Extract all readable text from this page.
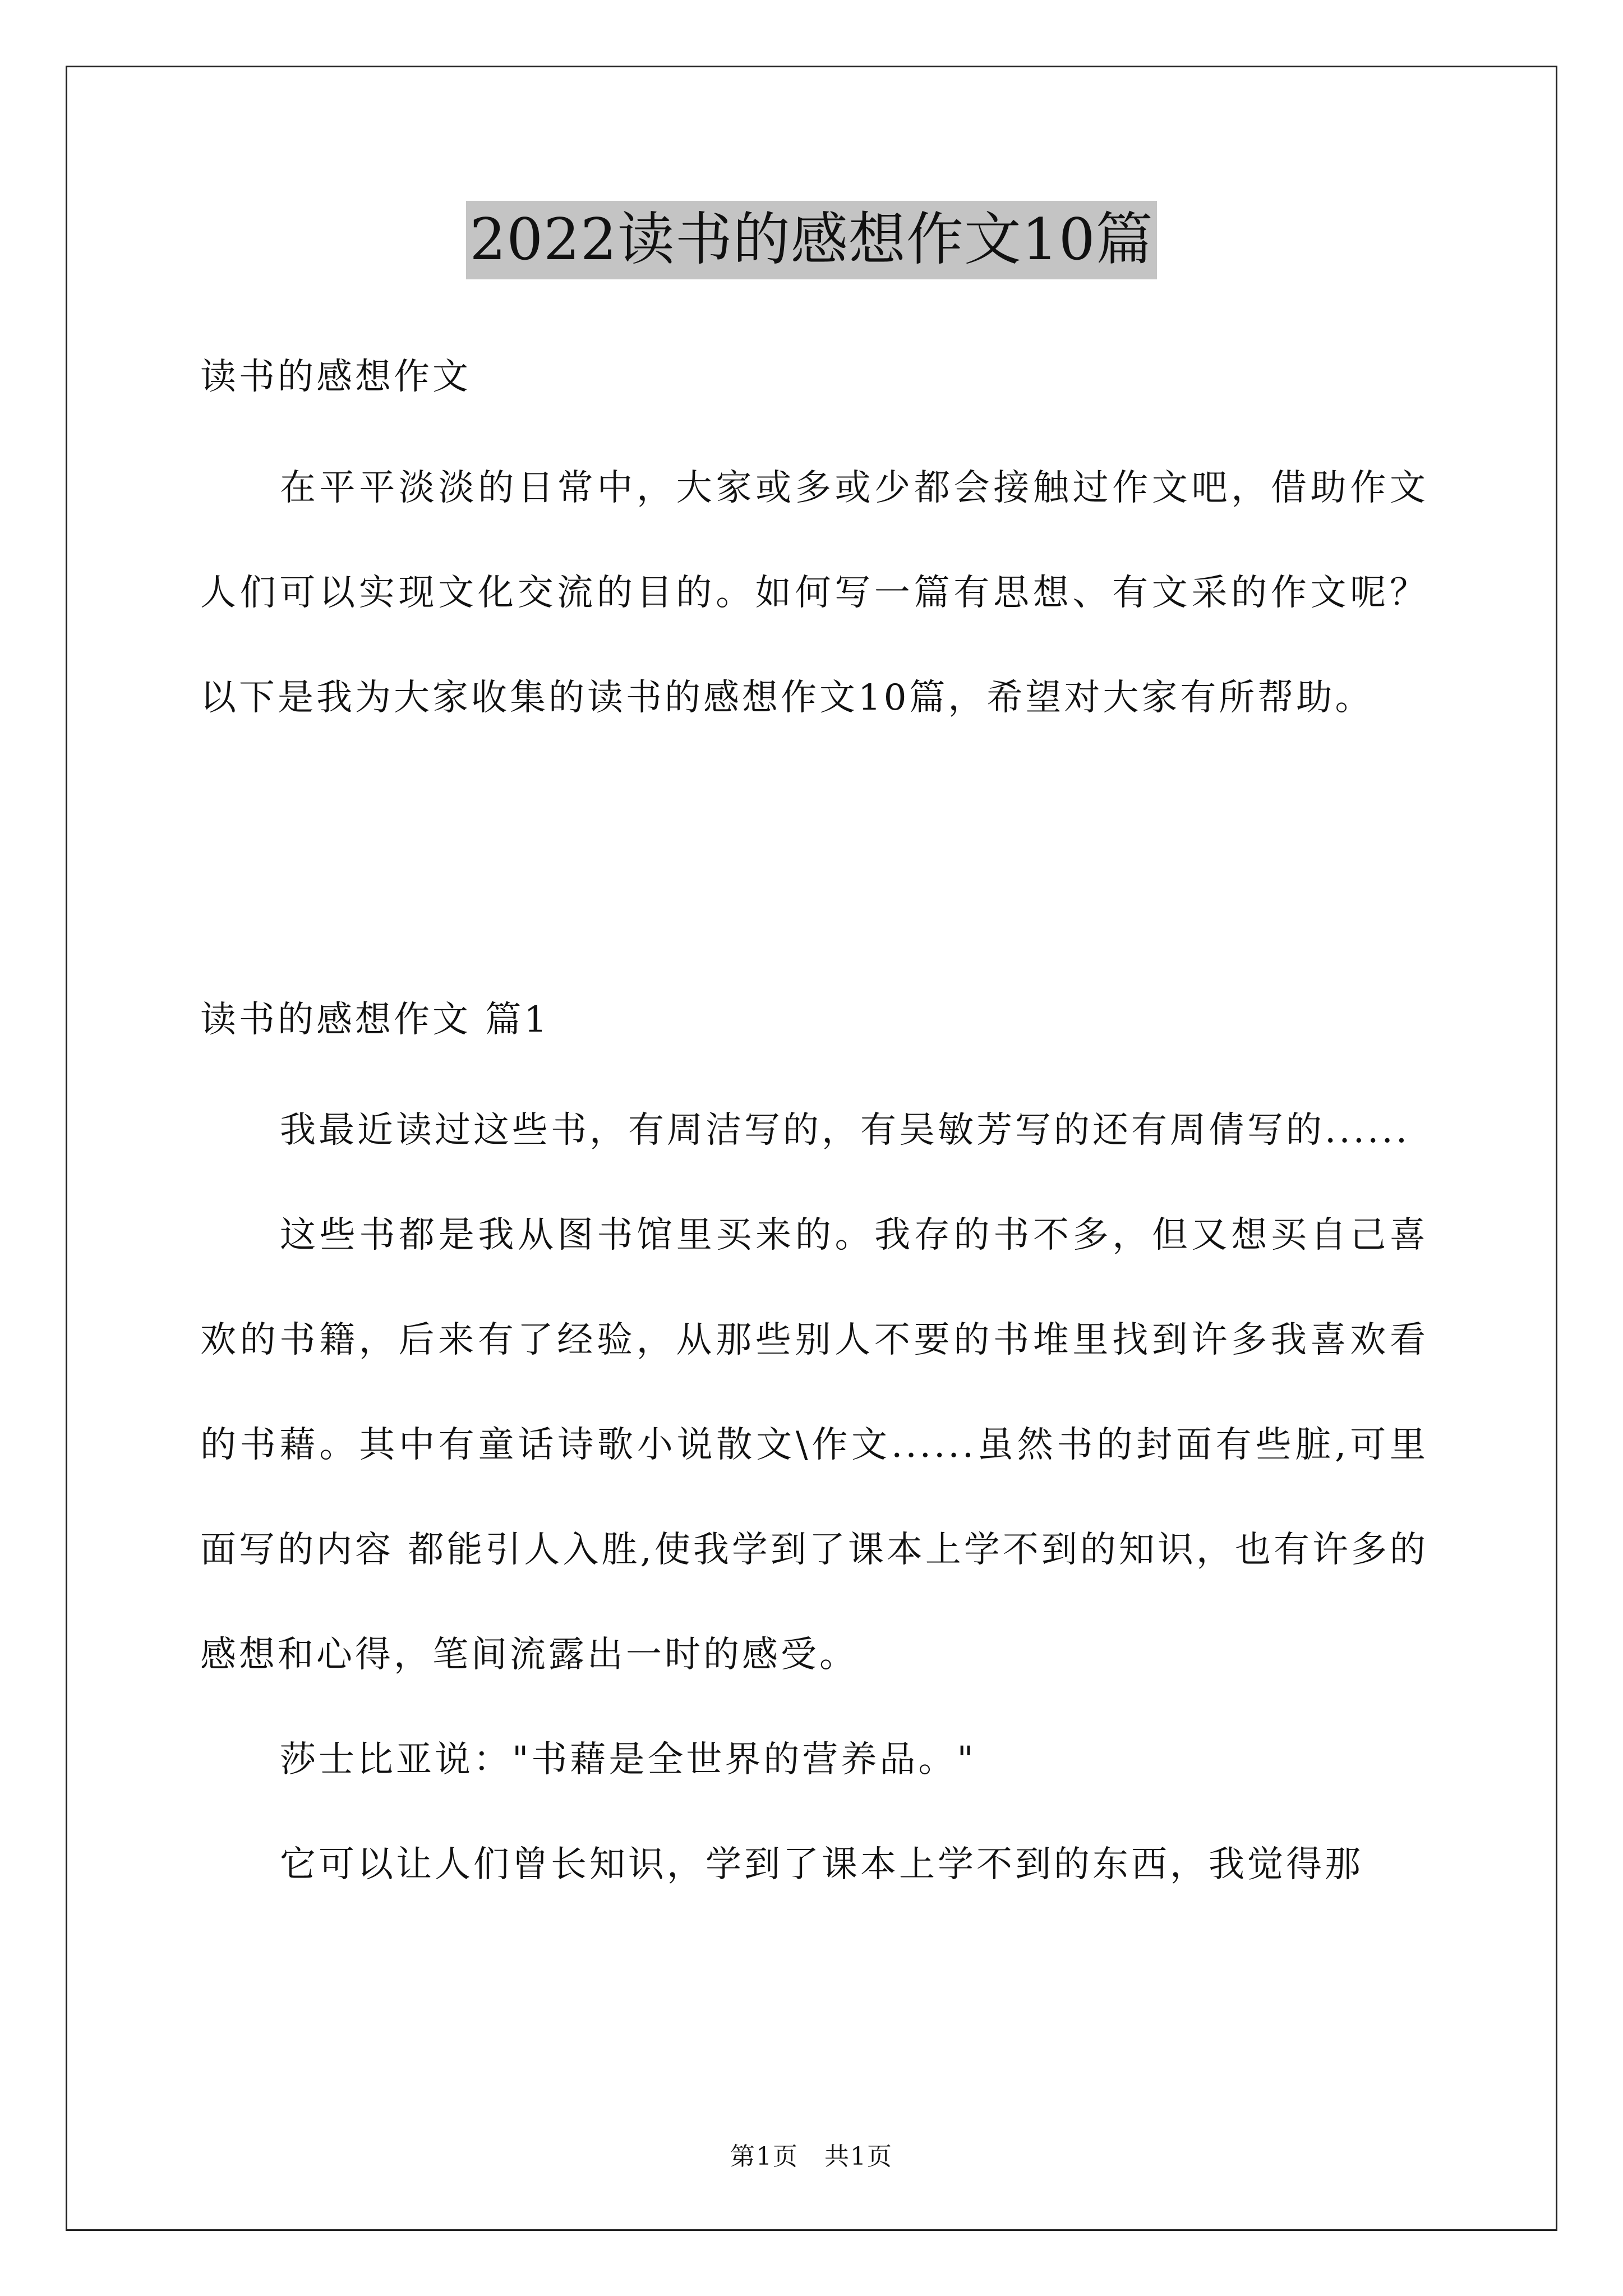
2022读书的感想作文10篇
读书的感想作文

在平平淡淡的日常中，大家或多或少都会接触过作文吧，借助作文人们可以实现文化交流的目的。如何写一篇有思想、有文采的作文呢？以下是我为大家收集的读书的感想作文10篇，希望对大家有所帮助。

读书的感想作文 篇1

我最近读过这些书，有周洁写的，有吴敏芳写的还有周倩写的......

这些书都是我从图书馆里买来的。我存的书不多，但又想买自己喜欢的书籍，后来有了经验，从那些别人不要的书堆里找到许多我喜欢看的书藉。其中有童话诗歌小说散文\作文......虽然书的封面有些脏,可里面写的内容 都能引人入胜,使我学到了课本上学不到的知识，也有许多的感想和心得，笔间流露出一时的感受。

莎士比亚说："书藉是全世界的营养品。"

它可以让人们曾长知识，学到了课本上学不到的东西，我觉得那

第1页　共1页
